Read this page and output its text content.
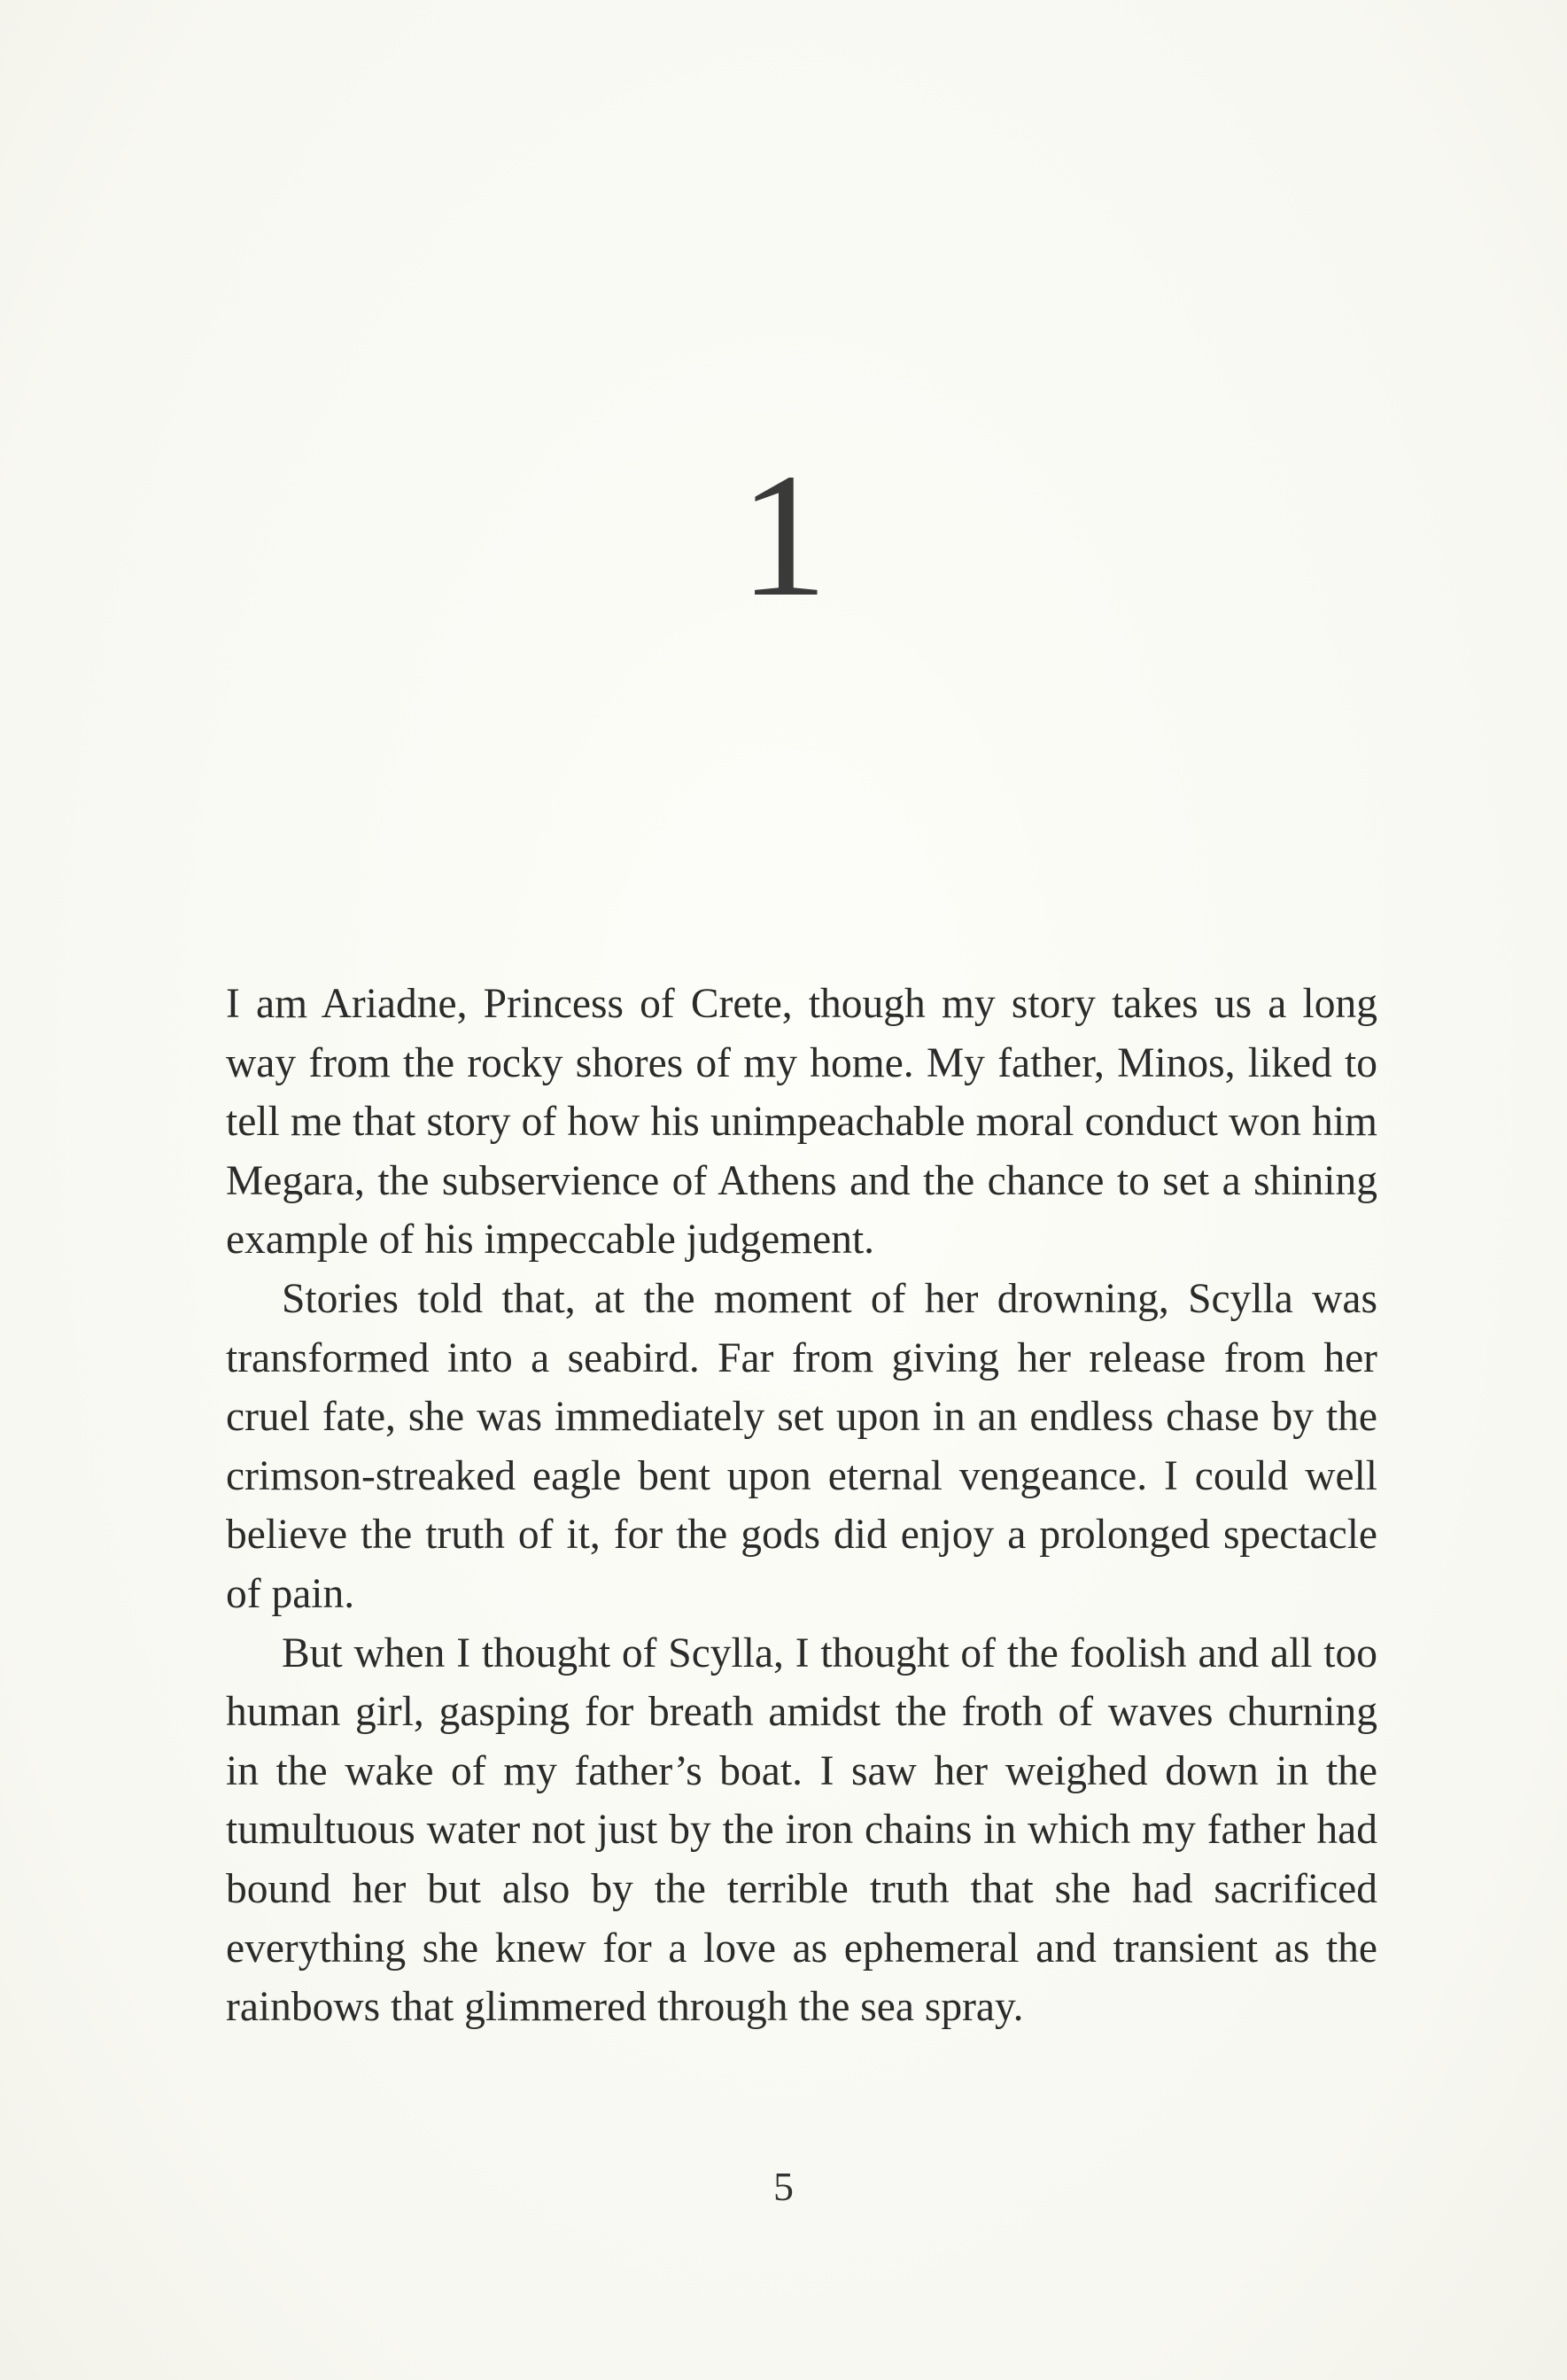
1

I am Ariadne, Princess of Crete, though my story takes us a long way from the rocky shores of my home. My father, Minos, liked to tell me that story of how his unimpeachable moral conduct won him Megara, the subservience of Athens and the chance to set a shining example of his impeccable judgement.

Stories told that, at the moment of her drowning, Scylla was transformed into a seabird. Far from giving her release from her cruel fate, she was immediately set upon in an endless chase by the crimson-streaked eagle bent upon eternal vengeance. I could well believe the truth of it, for the gods did enjoy a prolonged spectacle of pain.

But when I thought of Scylla, I thought of the foolish and all too human girl, gasping for breath amidst the froth of waves churning in the wake of my father’s boat. I saw her weighed down in the tumultuous water not just by the iron chains in which my father had bound her but also by the terrible truth that she had sacrificed everything she knew for a love as ephemeral and transient as the rainbows that glimmered through the sea spray.

5
